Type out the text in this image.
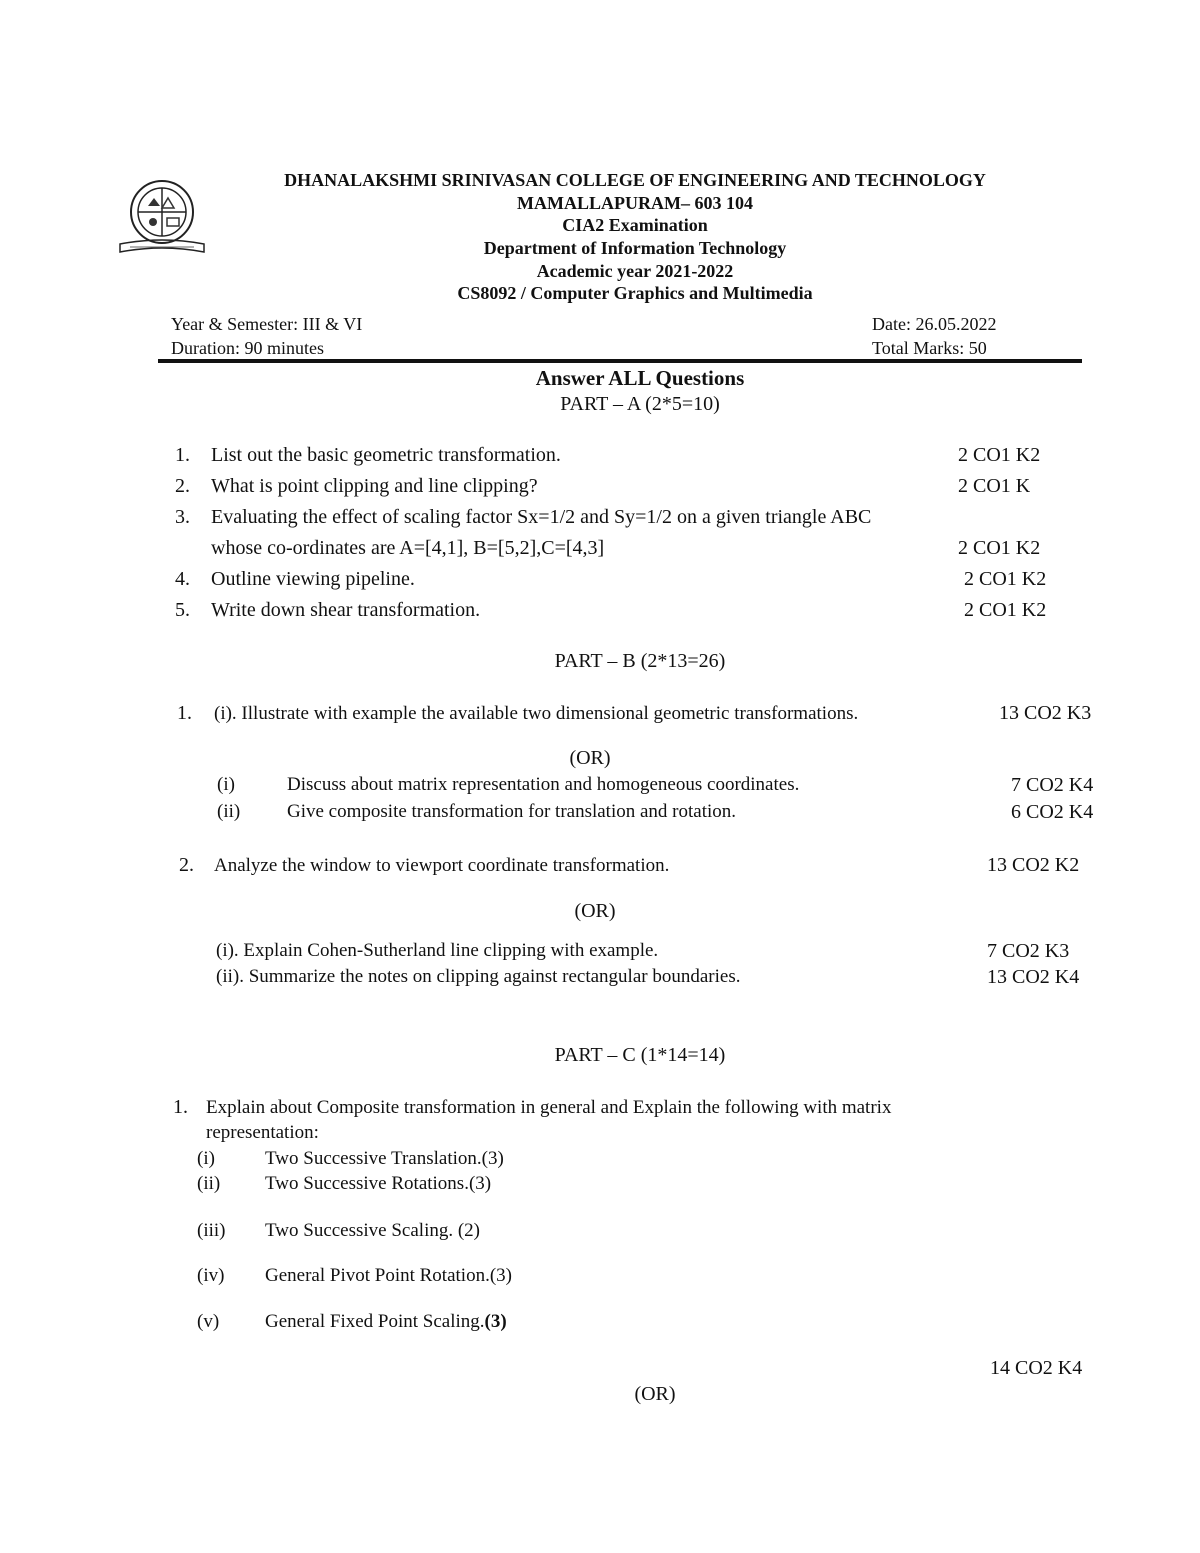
DHANALAKSHMI SRINIVASAN COLLEGE OF ENGINEERING AND TECHNOLOGY
MAMALLAPURAM– 603 104
CIA2 Examination
Department of Information Technology
Academic year 2021-2022
CS8092 / Computer Graphics and Multimedia
Year & Semester: III & VI	Date: 26.05.2022
Duration: 90 minutes	Total Marks: 50
Answer ALL Questions
PART – A (2*5=10)
1. List out the basic geometric transformation.	2 CO1 K2
2. What is point clipping and line clipping?	2 CO1 K
3. Evaluating the effect of scaling factor Sx=1/2 and Sy=1/2 on a given triangle ABC
whose co-ordinates are A=[4,1], B=[5,2],C=[4,3]	2 CO1 K2
4. Outline viewing pipeline.	2 CO1 K2
5. Write down shear transformation.	2 CO1 K2
PART – B (2*13=26)
1. (i). Illustrate with example the available two dimensional geometric transformations.	13 CO2 K3
(OR)
(i)	Discuss about matrix representation and homogeneous coordinates.	7 CO2 K4
(ii) Give composite transformation for translation and rotation.	6 CO2 K4
2. Analyze the window to viewport coordinate transformation.	13 CO2 K2
(OR)
(i). Explain Cohen-Sutherland line clipping with example.	7 CO2 K3
(ii). Summarize the notes on clipping against rectangular boundaries.	13 CO2 K4
PART – C (1*14=14)
1. Explain about Composite transformation in general and Explain the following with matrix
representation:
(i)	Two Successive Translation.(3)
(ii) Two Successive Rotations.(3)
(iii) Two Successive Scaling. (2)
(iv) General Pivot Point Rotation.(3)
(v) General Fixed Point Scaling.(3)
14 CO2 K4
(OR)
